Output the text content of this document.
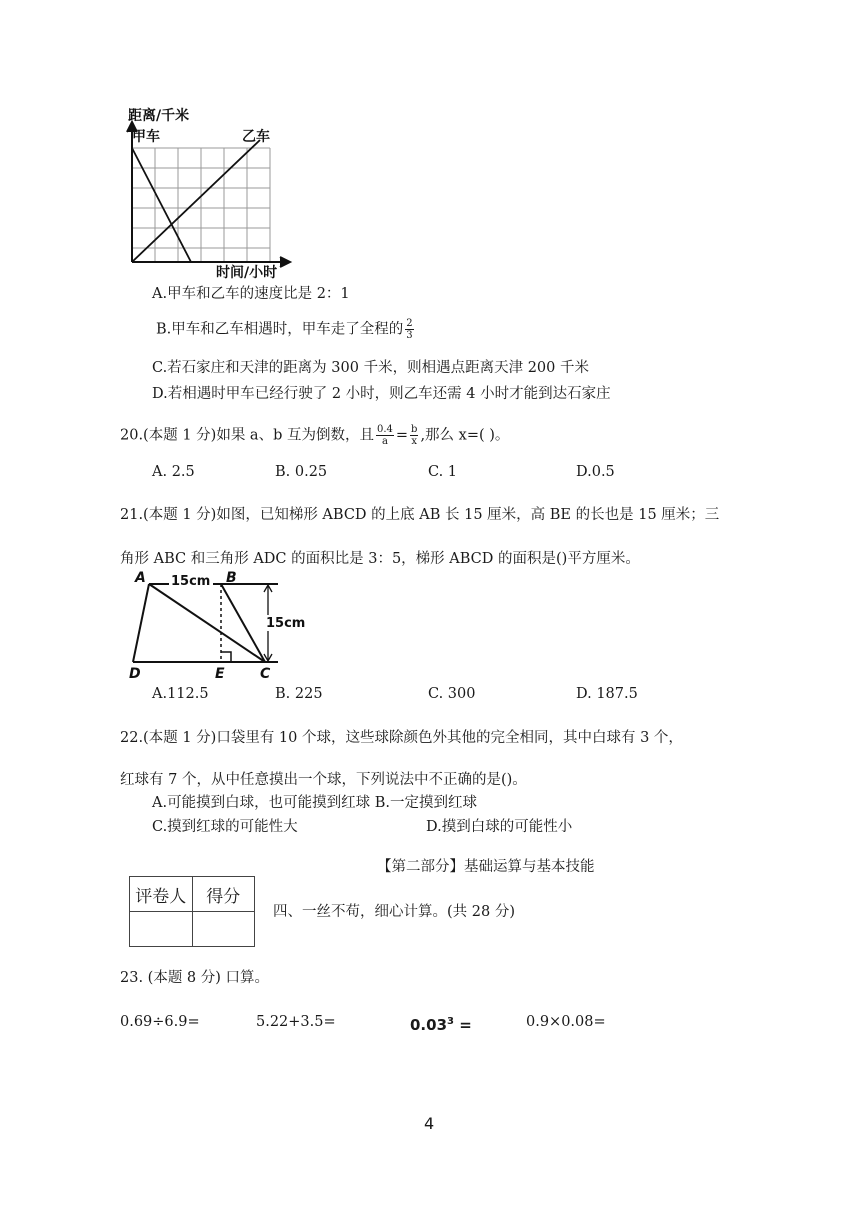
距离/千米
甲车	乙车
时间/小时
A.甲车和乙车的速度比是 2：1
B.甲车和乙车相遇时，甲车走了全程的 $\frac{2}{3}$
C.若石家庄和天津的距离为 300 千米，则相遇点距离天津 200 千米
D.若相遇时甲车已经行驶了 2 小时，则乙车还需 4 小时才能到达石家庄
20.(本题 1 分)如果 a、b 互为倒数，且 $\frac{0.4}{a} = \frac{b}{x}$ ,那么 x=( )。
A. 2.5	B. 0.25	C. 1	D.0.5
21.(本题 1 分)如图，已知梯形 ABCD 的上底 AB 长 15 厘米，高 BE 的长也是 15 厘米；三
角形 ABC 和三角形 ADC 的面积比是 3：5，梯形 ABCD 的面积是()平方厘米。
A	B
D	E	C
15cm
15cm
A.112.5	B. 225	C. 300	D. 187.5
22.(本题 1 分)口袋里有 10 个球，这些球除颜色外其他的完全相同，其中白球有 3 个，
红球有 7 个，从中任意摸出一个球，下列说法中不正确的是()。
A.可能摸到白球，也可能摸到红球 B.一定摸到红球
C.摸到红球的可能性大	D.摸到白球的可能性小
【第二部分】基础运算与基本技能
评卷人	得分

四、一丝不苟，细心计算。(共 28 分)
23. (本题 8 分) 口算。
0.69÷6.9=	5.22+3.5=	$0.03^3$ =	0.9×0.08=
4
